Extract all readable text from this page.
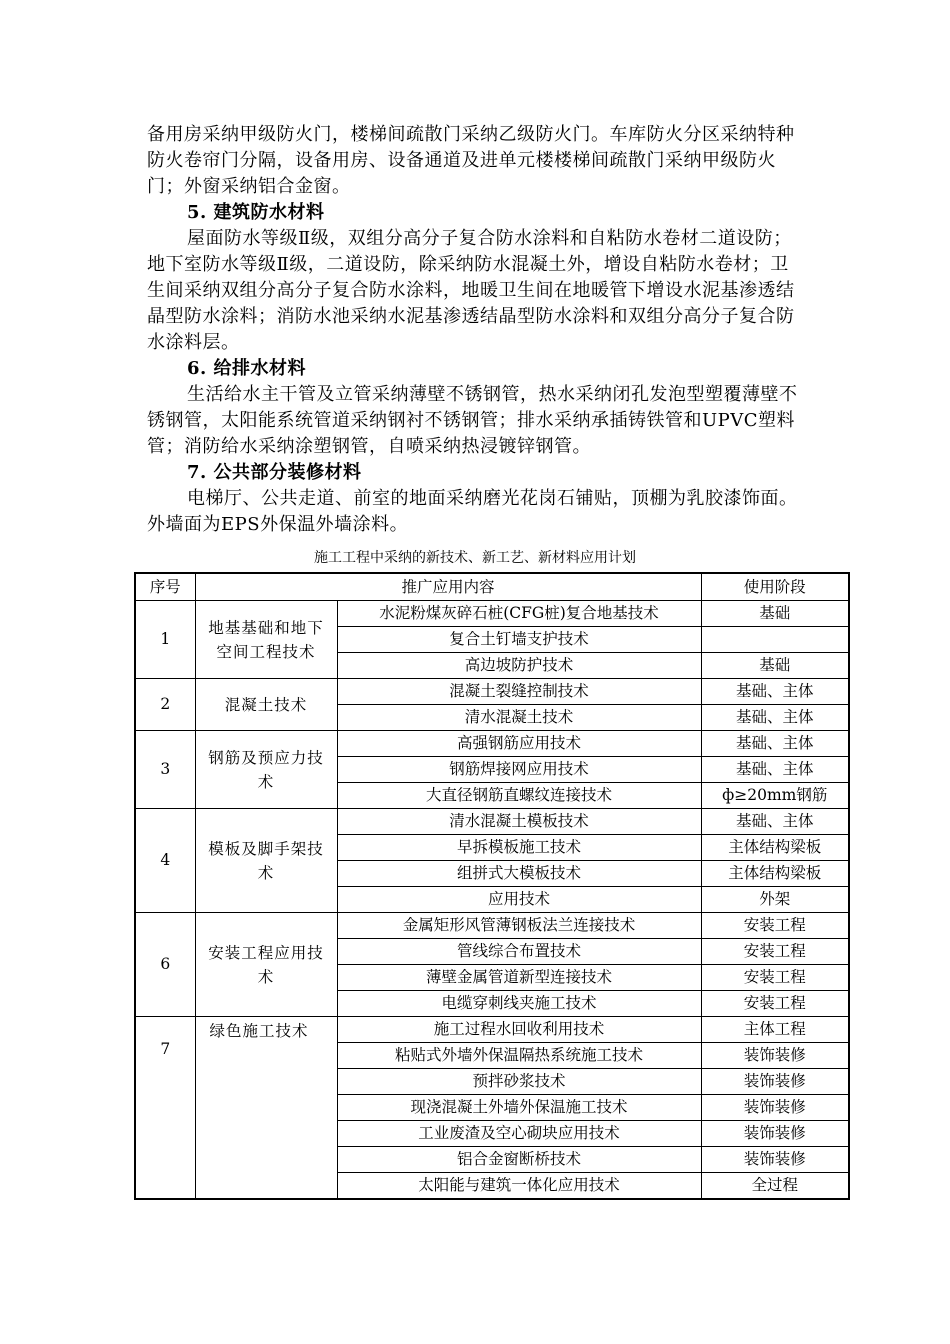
备用房采纳甲级防火门，楼梯间疏散门采纳乙级防火门。车库防火分区采纳特种防火卷帘门分隔，设备用房、设备通道及进单元楼楼梯间疏散门采纳甲级防火门；外窗采纳铝合金窗。

5. 建筑防水材料

屋面防水等级Ⅱ级，双组分高分子复合防水涂料和自粘防水卷材二道设防；地下室防水等级Ⅱ级，二道设防，除采纳防水混凝土外，增设自粘防水卷材；卫生间采纳双组分高分子复合防水涂料，地暖卫生间在地暖管下增设水泥基渗透结晶型防水涂料；消防水池采纳水泥基渗透结晶型防水涂料和双组分高分子复合防水涂料层。

6. 给排水材料

生活给水主干管及立管采纳薄壁不锈钢管，热水采纳闭孔发泡型塑覆薄壁不锈钢管，太阳能系统管道采纳钢衬不锈钢管；排水采纳承插铸铁管和UPVC塑料管；消防给水采纳涂塑钢管，自喷采纳热浸镀锌钢管。

7. 公共部分装修材料

电梯厅、公共走道、前室的地面采纳磨光花岗石铺贴，顶棚为乳胶漆饰面。外墙面为EPS外保温外墙涂料。

施工工程中采纳的新技术、新工艺、新材料应用计划
序号	推广应用内容		使用阶段
1	地基基础和地下空间工程技术	水泥粉煤灰碎石桩(CFG桩)复合地基技术	基础
		复合土钉墙支护技术	
		高边坡防护技术	基础
2	混凝土技术	混凝土裂缝控制技术	基础、主体
		清水混凝土技术	基础、主体
3	钢筋及预应力技术	高强钢筋应用技术	基础、主体
		钢筋焊接网应用技术	基础、主体
		大直径钢筋直螺纹连接技术	ф≥20mm钢筋
4	模板及脚手架技术	清水混凝土模板技术	基础、主体
		早拆模板施工技术	主体结构梁板
		组拼式大模板技术	主体结构梁板
		应用技术	外架
6	安装工程应用技术	金属矩形风管薄钢板法兰连接技术	安装工程
		管线综合布置技术	安装工程
		薄壁金属管道新型连接技术	安装工程
		电缆穿刺线夹施工技术	安装工程
7	绿色施工技术	施工过程水回收利用技术	主体工程
		粘贴式外墙外保温隔热系统施工技术	装饰装修
		预拌砂浆技术	装饰装修
		现浇混凝土外墙外保温施工技术	装饰装修
		工业废渣及空心砌块应用技术	装饰装修
		铝合金窗断桥技术	装饰装修
		太阳能与建筑一体化应用技术	全过程
